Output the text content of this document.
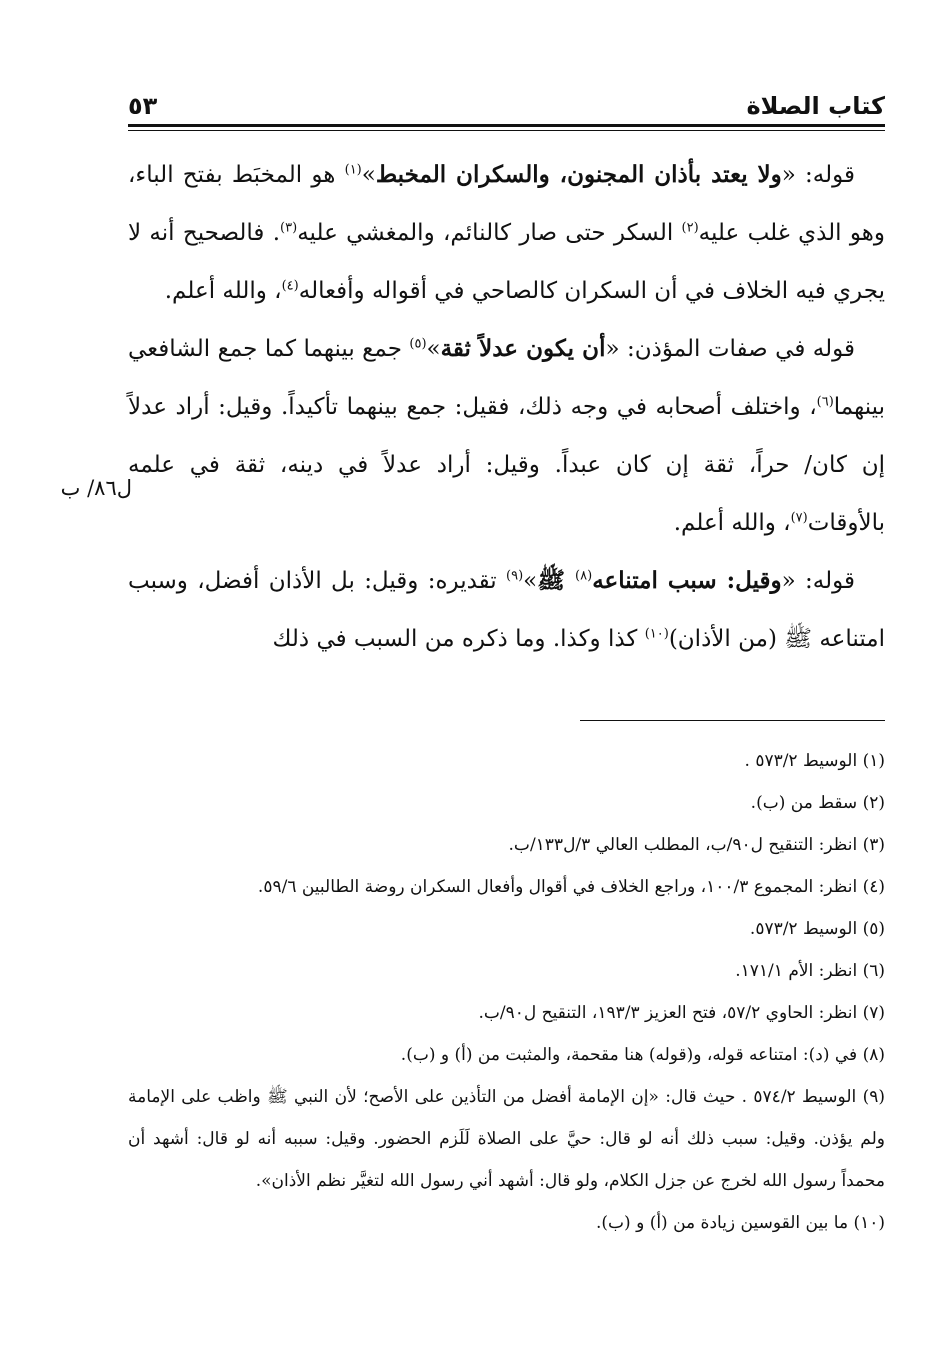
كتاب الصلاة
٥٣

قوله: «ولا يعتد بأذان المجنون، والسكران المخبط»$^{(١)}$ هو المخبَط بفتح الباء، وهو الذي غلب عليه$^{(٢)}$ السكر حتى صار كالنائم، والمغشي عليه$^{(٣)}$. فالصحيح أنه لا يجري فيه الخلاف في أن السكران كالصاحي في أقواله وأفعاله$^{(٤)}$، والله أعلم.

قوله في صفات المؤذن: «أن يكون عدلاً ثقة»$^{(٥)}$ جمع بينهما كما جمع الشافعي بينهما$^{(٦)}$، واختلف أصحابه في وجه ذلك، فقيل: جمع بينهما تأكيداً. وقيل: أراد عدلاً إن كان/ حراً، ثقة إن كان عبداً. وقيل: أراد عدلاً في دينه، ثقة في علمه بالأوقات$^{(٧)}$، والله أعلم.

قوله: «وقيل: سبب امتناعه$^{(٨)}$ ﷺ»$^{(٩)}$ تقديره: وقيل: بل الأذان أفضل، وسبب امتناعه ﷺ (من الأذان)$^{(١٠)}$ كذا وكذا. وما ذكره من السبب في ذلك

ل٨٦/ ب
(١) الوسيط ٥٧٣/٢ .
(٢) سقط من (ب).
(٣) انظر: التنقيح ل٩٠/ب، المطلب العالي ٣/ل١٣٣/ب.
(٤) انظر: المجموع ١٠٠/٣، وراجع الخلاف في أقوال وأفعال السكران روضة الطالبين ٥٩/٦.
(٥) الوسيط ٥٧٣/٢.
(٦) انظر: الأم ١٧١/١.
(٧) انظر: الحاوي ٥٧/٢، فتح العزيز ١٩٣/٣، التنقيح ل٩٠/ب.
(٨) في (د): امتناعه قوله، و(قوله) هنا مقحمة، والمثبت من (أ) و (ب).
(٩) الوسيط ٥٧٤/٢ . حيث قال: «إن الإمامة أفضل من التأذين على الأصح؛ لأن النبي ﷺ واظب على الإمامة ولم يؤذن. وقيل: سبب ذلك أنه لو قال: حيَّ على الصلاة لَلَزم الحضور. وقيل: سببه أنه لو قال: أشهد أن محمداً رسول الله لخرج عن جزل الكلام، ولو قال: أشهد أني رسول الله لتغيَّر نظم الأذان».
(١٠) ما بين القوسين زيادة من (أ) و (ب).
